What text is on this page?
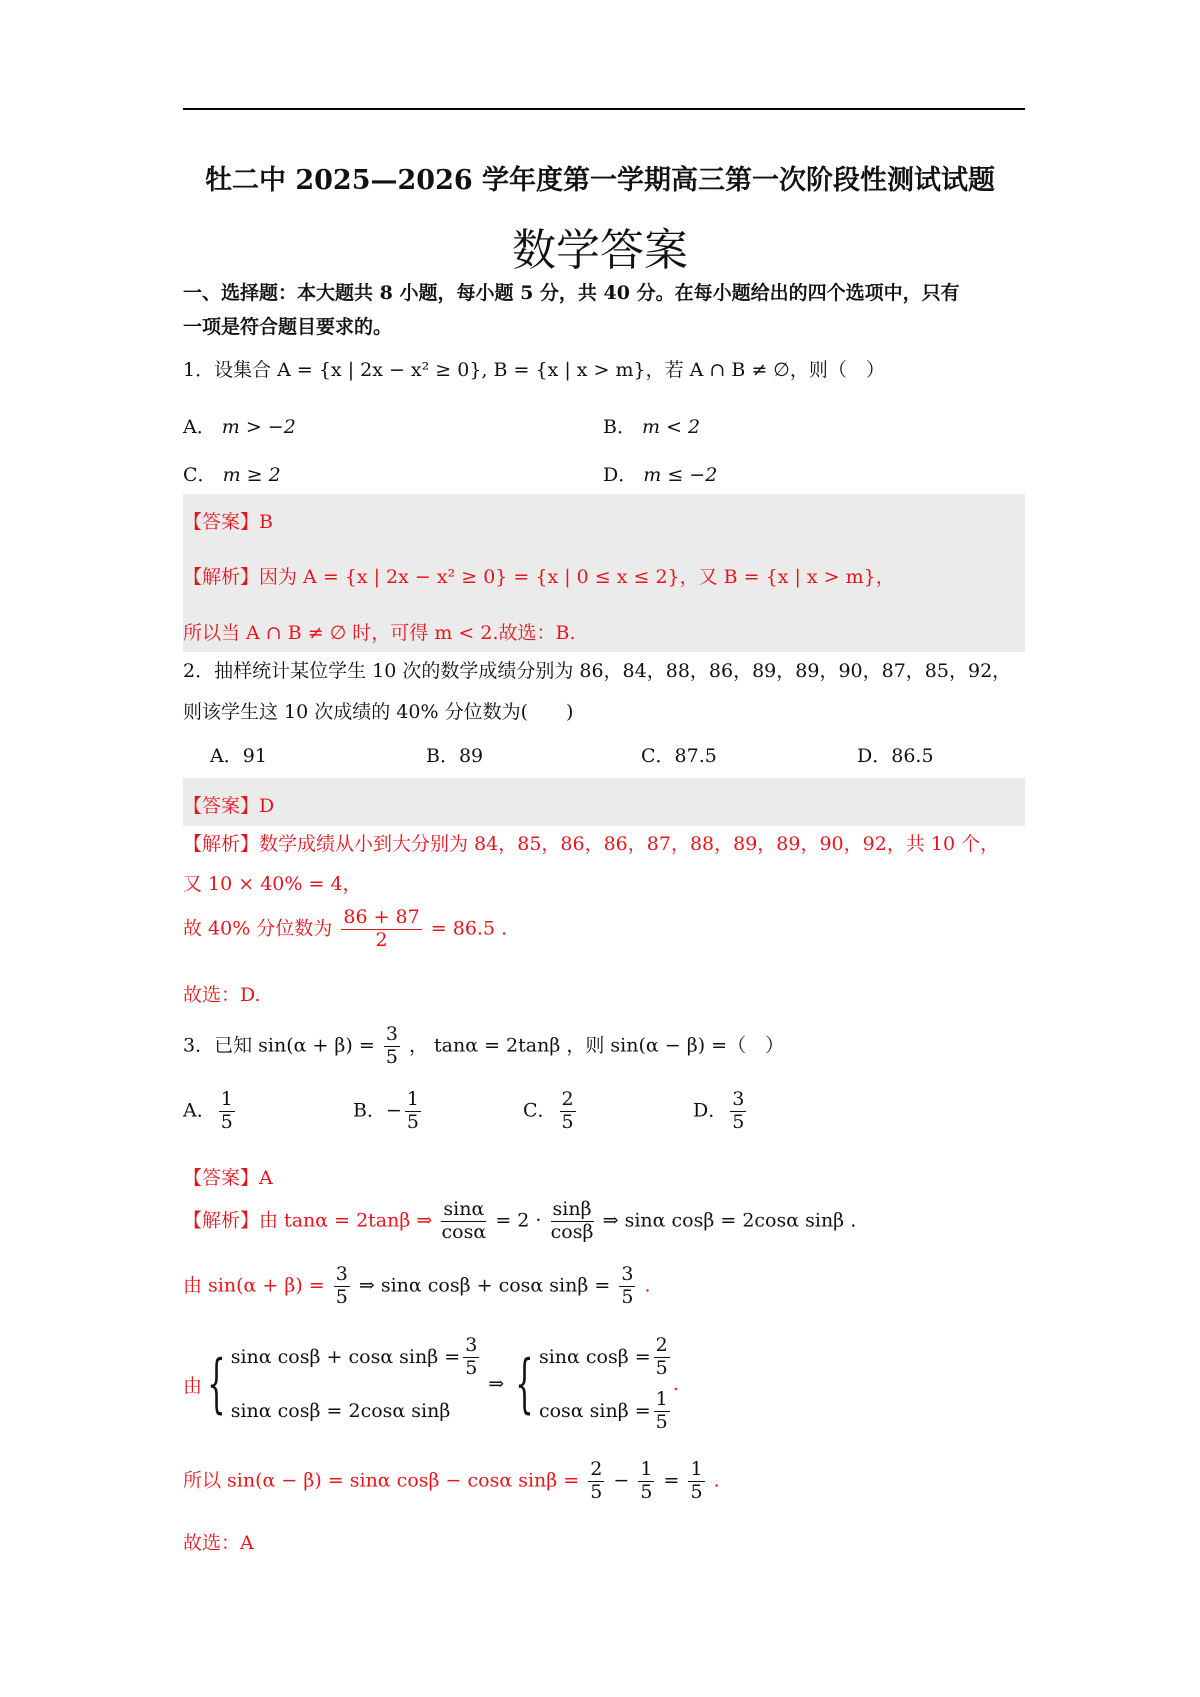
牡二中 2025—2026 学年度第一学期高三第一次阶段性测试试题
数学答案
一、选择题：本大题共 8 小题，每小题 5 分，共 40 分。在每小题给出的四个选项中，只有
一项是符合题目要求的。
1．设集合 A = {x | 2x − x² ≥ 0}, B = {x | x > m}，若 A ∩ B ≠ ∅，则（　）
A． m > −2	B． m < 2
C． m ≥ 2	D． m ≤ −2
【答案】B
【解析】因为 A = {x | 2x − x² ≥ 0} = {x | 0 ≤ x ≤ 2}，又 B = {x | x > m}，
所以当 A ∩ B ≠ ∅ 时，可得 m < 2.故选：B.
2．抽样统计某位学生 10 次的数学成绩分别为 86，84，88，86，89，89，90，87，85，92，
则该学生这 10 次成绩的 40% 分位数为(　　)
A．91	B．89	C．87.5	D．86.5
【答案】D
【解析】数学成绩从小到大分别为 84，85，86，86，87，88，89，89，90，92，共 10 个，
又 10 × 40% = 4，
故 40% 分位数为 $\frac{86 + 87}{2} = 86.5$ .
故选：D.
3．已知 $\sin(\alpha + \beta) = \frac{3}{5}$ ， tanα = 2tanβ ，则 sin(α − β) =（　）
A． $\frac{1}{5}$	B．− $\frac{1}{5}$	C． $\frac{2}{5}$	D． $\frac{3}{5}$
【答案】A
【解析】由 tanα = 2tanβ ⇒ $\frac{\sin\alpha}{\cos\alpha} = 2 \cdot \frac{\sin\beta}{\cos\beta}$ ⇒ sinα cosβ = 2cosα sinβ .
由 $\sin(\alpha + \beta) = \frac{3}{5}$ ⇒ sinα cosβ + cosα $\sin\beta = \frac{3}{5}$ .
由 { sinα cosβ + cosα $\sin\beta = \frac{3}{5}$
sinα cosβ = 2cosα sinβ
⇒ { sinα $\cos\beta = \frac{2}{5}$
cosα $\sin\beta = \frac{1}{5}$
.
所以 sin(α − β) = sinα cosβ − cosα $\sin\beta = \frac{2}{5} - \frac{1}{5} = \frac{1}{5}$ .
故选：A
